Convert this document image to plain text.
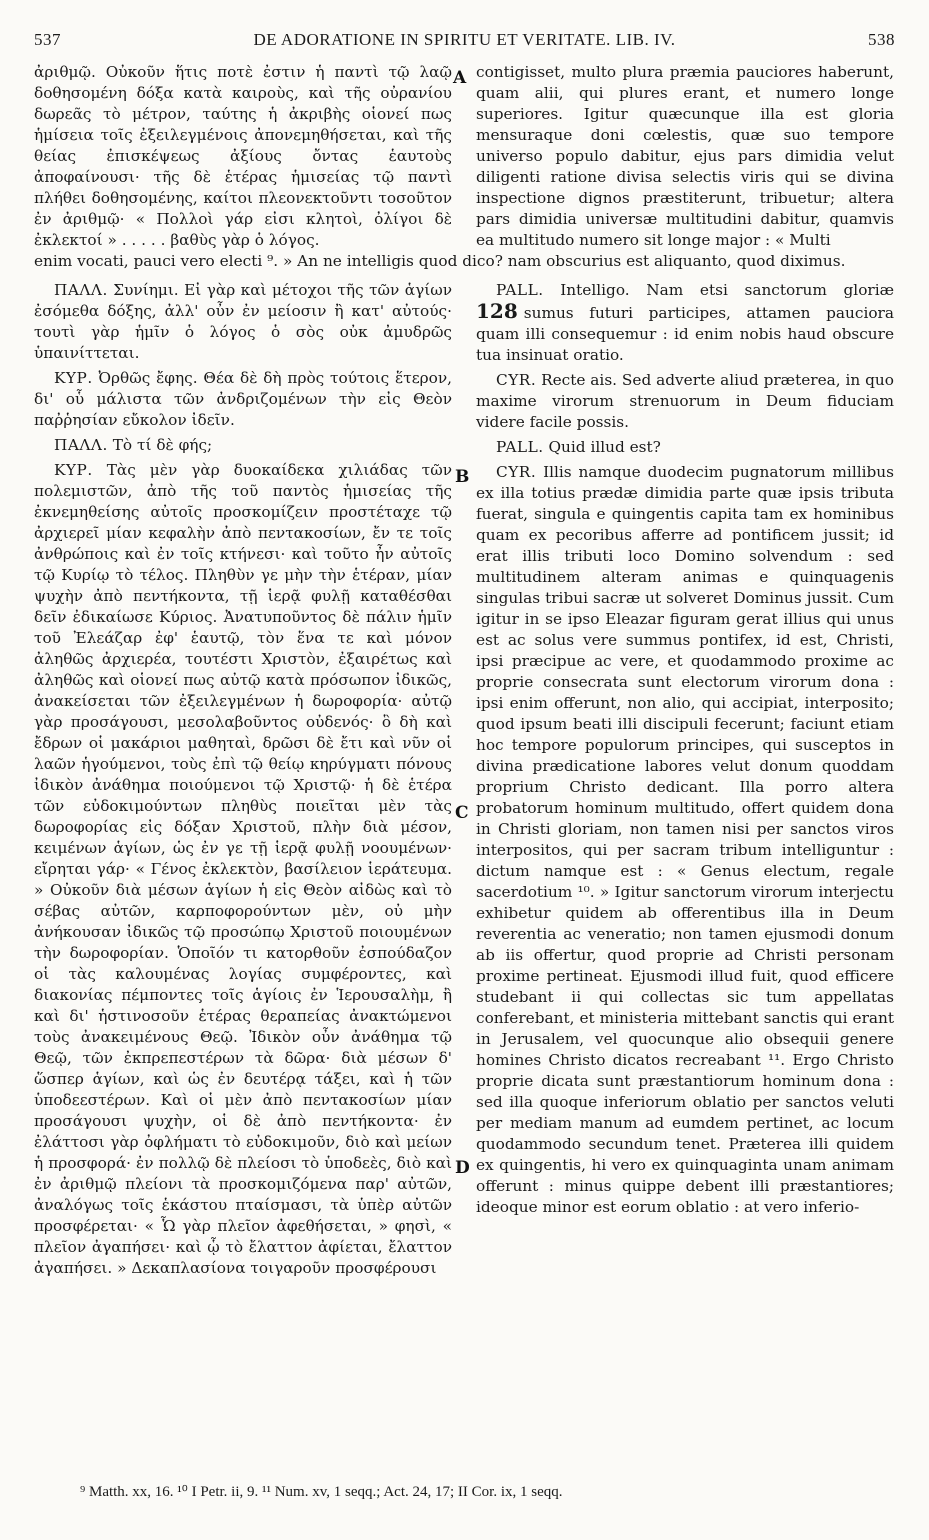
537	DE ADORATIONE IN SPIRITU ET VERITATE. LIB. IV.	538
A
B
C
D

ἀριθμῷ. Οὐκοῦν ἥτις ποτὲ ἐστιν ἡ παντὶ τῷ λαῷ δοθησομένη δόξα κατὰ καιροὺς, καὶ τῆς οὐρανίου δωρεᾶς τὸ μέτρον, ταύτης ἡ ἀκριβὴς οἱονεί πως ἡμίσεια τοῖς ἐξειλεγμένοις ἀπονεμηθήσεται, καὶ τῆς θείας ἐπισκέψεως ἀξίους ὄντας ἑαυτοὺς ἀποφαίνουσι· τῆς δὲ ἑτέρας ἡμισείας τῷ παντὶ πλήθει δοθησομένης, καίτοι πλεονεκτοῦντι τοσοῦτον ἐν ἀριθμῷ· « Πολλοὶ γάρ εἰσι κλητοὶ, ὀλίγοι δὲ ἐκλεκτοί » . . . . . βαθὺς γὰρ ὁ λόγος.

contigisset, multo plura præmia pauciores haberunt, quam alii, qui plures erant, et numero longe superiores. Igitur quæcunque illa est gloria mensuraque doni cœlestis, quæ suo tempore universo populo dabitur, ejus pars dimidia velut diligenti ratione divisa selectis viris qui se divina inspectione dignos præstiterunt, tribuetur; altera pars dimidia universæ multitudini dabitur, quamvis ea multitudo numero sit longe major : « Multi

enim vocati, pauci vero electi ⁹. » An ne intelligis quod dico? nam obscurius est aliquanto, quod diximus.

ΠΑΛΛ. Συνίημι. Εἰ γὰρ καὶ μέτοχοι τῆς τῶν ἁγίων ἐσόμεθα δόξης, ἀλλ' οὖν ἐν μείοσιν ἢ κατ' αὐτούς· τουτὶ γὰρ ἡμῖν ὁ λόγος ὁ σὸς οὐκ ἀμυδρῶς ὑπαινίττεται.

ΚΥΡ. Ὀρθῶς ἔφης. Θέα δὲ δὴ πρὸς τούτοις ἕτερον, δι' οὗ μάλιστα τῶν ἀνδριζομένων τὴν εἰς Θεὸν παῤῥησίαν εὔκολον ἰδεῖν.

ΠΑΛΛ. Τὸ τί δὲ φής;

ΚΥΡ. Τὰς μὲν γὰρ δυοκαίδεκα χιλιάδας τῶν πολεμιστῶν, ἀπὸ τῆς τοῦ παντὸς ἡμισείας τῆς ἐκνεμηθείσης αὐτοῖς προσκομίζειν προστέταχε τῷ ἀρχιερεῖ μίαν κεφαλὴν ἀπὸ πεντακοσίων, ἔν τε τοῖς ἀνθρώποις καὶ ἐν τοῖς κτήνεσι· καὶ τοῦτο ἦν αὐτοῖς τῷ Κυρίῳ τὸ τέλος. Πληθὺν γε μὴν τὴν ἑτέραν, μίαν ψυχὴν ἀπὸ πεντήκοντα, τῇ ἱερᾷ φυλῇ καταθέσθαι δεῖν ἐδικαίωσε Κύριος. Ἀνατυποῦντος δὲ πάλιν ἡμῖν τοῦ Ἐλεάζαρ ἐφ' ἑαυτῷ, τὸν ἕνα τε καὶ μόνον ἀληθῶς ἀρχιερέα, τουτέστι Χριστὸν, ἐξαιρέτως καὶ ἀληθῶς καὶ οἱονεί πως αὐτῷ κατὰ πρόσωπον ἰδικῶς, ἀνακείσεται τῶν ἐξειλεγμένων ἡ δωροφορία· αὐτῷ γὰρ προσάγουσι, μεσολαβοῦντος οὐδενός· ὃ δὴ καὶ ἔδρων οἱ μακάριοι μαθηταὶ, δρῶσι δὲ ἔτι καὶ νῦν οἱ λαῶν ἡγούμενοι, τοὺς ἐπὶ τῷ θείῳ κηρύγματι πόνους ἰδικὸν ἀνάθημα ποιούμενοι τῷ Χριστῷ· ἡ δὲ ἑτέρα τῶν εὐδοκιμούντων πληθὺς ποιεῖται μὲν τὰς δωροφορίας εἰς δόξαν Χριστοῦ, πλὴν διὰ μέσον, κειμένων ἁγίων, ὡς ἐν γε τῇ ἱερᾷ φυλῇ νοουμένων· εἴρηται γάρ· « Γένος ἐκλεκτὸν, βασίλειον ἱεράτευμα. » Οὐκοῦν διὰ μέσων ἁγίων ἡ εἰς Θεὸν αἰδὼς καὶ τὸ σέβας αὐτῶν, καρποφορούντων μὲν, οὐ μὴν ἀνήκουσαν ἰδικῶς τῷ προσώπῳ Χριστοῦ ποιουμένων τὴν δωροφορίαν. Ὁποῖόν τι κατορθοῦν ἐσπούδαζον οἱ τὰς καλουμένας λογίας συμφέροντες, καὶ διακονίας πέμποντες τοῖς ἁγίοις ἐν Ἱερουσαλὴμ, ἢ καὶ δι' ἡστινοσοῦν ἑτέρας θεραπείας ἀνακτώμενοι τοὺς ἀνακειμένους Θεῷ. Ἰδικὸν οὖν ἀνάθημα τῷ Θεῷ, τῶν ἐκπρεπεστέρων τὰ δῶρα· διὰ μέσων δ' ὥσπερ ἁγίων, καὶ ὡς ἐν δευτέρᾳ τάξει, καὶ ἡ τῶν ὑποδεεστέρων. Καὶ οἱ μὲν ἀπὸ πεντακοσίων μίαν προσάγουσι ψυχὴν, οἱ δὲ ἀπὸ πεντήκοντα· ἐν ἐλάττοσι γὰρ ὀφλήματι τὸ εὐδοκιμοῦν, διὸ καὶ μείων ἡ προσφορά· ἐν πολλῷ δὲ πλείοσι τὸ ὑποδεὲς, διὸ καὶ ἐν ἀριθμῷ πλείονι τὰ προσκομιζόμενα παρ' αὐτῶν, ἀναλόγως τοῖς ἑκάστου πταίσμασι, τὰ ὑπὲρ αὐτῶν προσφέρεται· « Ὧ γὰρ πλεῖον ἀφεθήσεται, » φησὶ, « πλεῖον ἀγαπήσει· καὶ ᾧ τὸ ἔλαττον ἀφίεται, ἔλαττον ἀγαπήσει. » Δεκαπλασίονα τοιγαροῦν προσφέρουσι

PALL. Intelligo. Nam etsi sanctorum gloriæ 128 sumus futuri participes, attamen pauciora quam illi consequemur : id enim nobis haud obscure tua insinuat oratio.

CYR. Recte ais. Sed adverte aliud præterea, in quo maxime virorum strenuorum in Deum fiduciam videre facile possis.

PALL. Quid illud est?

CYR. Illis namque duodecim pugnatorum millibus ex illa totius prædæ dimidia parte quæ ipsis tributa fuerat, singula e quingentis capita tam ex hominibus quam ex pecoribus afferre ad pontificem jussit; id erat illis tributi loco Domino solvendum : sed multitudinem alteram animas e quinquagenis singulas tribui sacræ ut solveret Dominus jussit. Cum igitur in se ipso Eleazar figuram gerat illius qui unus est ac solus vere summus pontifex, id est, Christi, ipsi præcipue ac vere, et quodammodo proxime ac proprie consecrata sunt electorum virorum dona : ipsi enim offerunt, non alio, qui accipiat, interposito; quod ipsum beati illi discipuli fecerunt; faciunt etiam hoc tempore populorum principes, qui susceptos in divina prædicatione labores velut donum quoddam proprium Christo dedicant. Illa porro altera probatorum hominum multitudo, offert quidem dona in Christi gloriam, non tamen nisi per sanctos viros interpositos, qui per sacram tribum intelliguntur : dictum namque est : « Genus electum, regale sacerdotium ¹⁰. » Igitur sanctorum virorum interjectu exhibetur quidem ab offerentibus illa in Deum reverentia ac veneratio; non tamen ejusmodi donum ab iis offertur, quod proprie ad Christi personam proxime pertineat. Ejusmodi illud fuit, quod efficere studebant ii qui collectas sic tum appellatas conferebant, et ministeria mittebant sanctis qui erant in Jerusalem, vel quocunque alio obsequii genere homines Christo dicatos recreabant ¹¹. Ergo Christo proprie dicata sunt præstantiorum hominum dona : sed illa quoque inferiorum oblatio per sanctos veluti per mediam manum ad eumdem pertinet, ac locum quodammodo secundum tenet. Præterea illi quidem ex quingentis, hi vero ex quinquaginta unam animam offerunt : minus quippe debent illi præstantiores; ideoque minor est eorum oblatio : at vero inferio-

⁹ Matth. xx, 16. ¹⁰ I Petr. ii, 9. ¹¹ Num. xv, 1 seqq.; Act. 24, 17; II Cor. ix, 1 seqq.
